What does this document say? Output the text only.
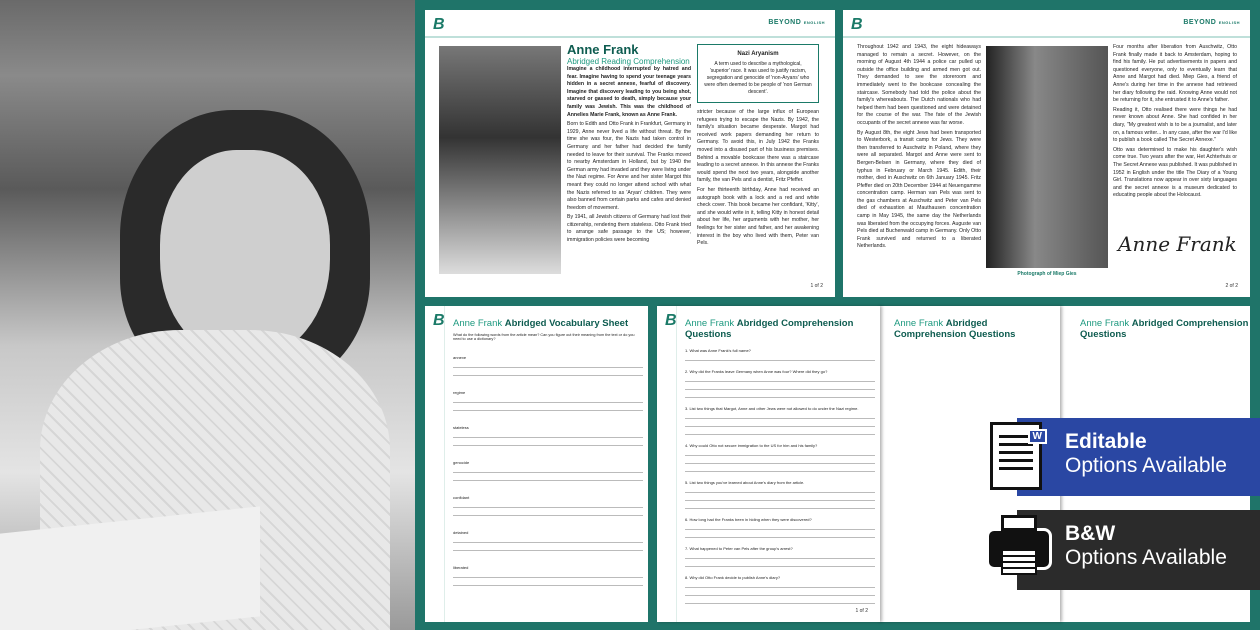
B	BEYOND ENGLISH
Anne Frank
Abridged Reading Comprehension

Imagine a childhood interrupted by hatred and fear. Imagine having to spend your teenage years hidden in a secret annexe, fearful of discovery. Imagine that discovery leading to you being shot, starved or gassed to death, simply because your family was Jewish. This was the childhood of Annelies Marie Frank, known as Anne Frank.

Born to Edith and Otto Frank in Frankfurt, Germany in 1929, Anne never lived a life without threat. By the time she was four, the Nazis had taken control in Germany and her father had decided the family needed to leave for their survival. The Franks moved to nearby Amsterdam in Holland, but by 1940 the German army had invaded and they were living under the Nazi regime. For Anne and her sister Margot this meant they could no longer attend school with what the Nazis referred to as 'Aryan' children. They were also banned from certain parks and cafes and denied freedom of movement.

By 1941, all Jewish citizens of Germany had lost their citizenship, rendering them stateless. Otto Frank tried to arrange safe passage to the US; however, immigration policies were becoming

Nazi Aryanism
A term used to describe a mythological, 'superior' race. It was used to justify racism, segregation and genocide of 'non-Aryans' who were often deemed to be people of 'non German descent'.

stricter because of the large influx of European refugees trying to escape the Nazis. By 1942, the family's situation became desperate. Margot had received work papers demanding her return to Germany. To avoid this, in July 1942 the Franks moved into a disused part of his business premises. Behind a movable bookcase there was a staircase leading to a secret annexe. In this annexe the Franks would spend the next two years, alongside another family, the van Pels and a dentist, Fritz Pfeffer.

For her thirteenth birthday, Anne had received an autograph book with a lock and a red and white check cover. This book became her confidant, 'Kitty', and she would write in it, telling Kitty in honest detail about her life, her arguments with her mother, her feelings for her sister and father, and her awakening interest in the boy who lived with them, Peter van Pels.

1 of 2
B	BEYOND ENGLISH

Throughout 1942 and 1943, the eight hideaways managed to remain a secret. However, on the morning of August 4th 1944 a police car pulled up outside the office building and armed men got out. They demanded to see the storeroom and immediately went to the bookcase concealing the staircase. Somebody had told the police about the family's whereabouts. The Dutch nationals who had helped them had been questioned and were detained for the course of the war. The fate of the Jewish occupants of the secret annexe was far worse.

By August 8th, the eight Jews had been transported to Westerbork, a transit camp for Jews. They were then transferred to Auschwitz in Poland, where they were all separated. Margot and Anne were sent to Bergen-Belsen in Germany, where they died of typhus in February or March 1945. Edith, their mother, died in Auschwitz on 6th January 1945. Fritz Pfeffer died on 20th December 1944 at Neuengamme concentration camp. Herman van Pels was sent to the gas chambers at Auschwitz and Peter van Pels died of exhaustion at Mauthausen concentration camp in May 1945, the same day the Netherlands was liberated from the occupying forces. Auguste van Pels died at Buchenwald camp in Germany. Only Otto Frank survived and returned to a liberated Netherlands.

Photograph of Miep Gies

Four months after liberation from Auschwitz, Otto Frank finally made it back to Amsterdam, hoping to find his family. He put advertisements in papers and questioned everyone, only to eventually learn that Anne and Margot had died. Miep Gies, a friend of Anne's during her time in the annexe had retrieved her diary following the raid. Knowing Anne would not be returning for it, she entrusted it to Anne's father.

Reading it, Otto realised there were things he had never known about Anne. She had confided in her diary, "My greatest wish is to be a journalist, and later on, a famous writer... In any case, after the war I'd like to publish a book called The Secret Annexe."

Otto was determined to make his daughter's wish come true. Two years after the war, Het Achterhuis or The Secret Annexe was published. It was published in 1952 in English under the title The Diary of a Young Girl. Translations now appear in over sixty languages and the secret annexe is a museum dedicated to educating people about the Holocaust.

Anne Frank
2 of 2
B Anne Frank Abridged Vocabulary Sheet
What do the following words from the article mean? Can you figure out their meaning from the text or do you need to use a dictionary?
annexe
regime
stateless
genocide
confidant
detained
liberated
Anne Frank Abridged Comprehension Questions
Anne Frank Abridged Comprehension Questions
B Anne Frank Abridged Comprehension Questions
1. What was Anne Frank's full name?
2. Why did the Franks leave Germany when Anne was four? Where did they go?
3. List two things that Margot, Anne and other Jews were not allowed to do under the Nazi regime.
4. Why could Otto not secure immigration to the US for him and his family?
5. List two things you've learned about Anne's diary from the article.
6. How long had the Franks been in hiding when they were discovered?
7. What happened to Peter van Pels after the group's arrest?
8. Why did Otto Frank decide to publish Anne's diary?
1 of 2
Editable
Options Available
W
B&W
Options Available
